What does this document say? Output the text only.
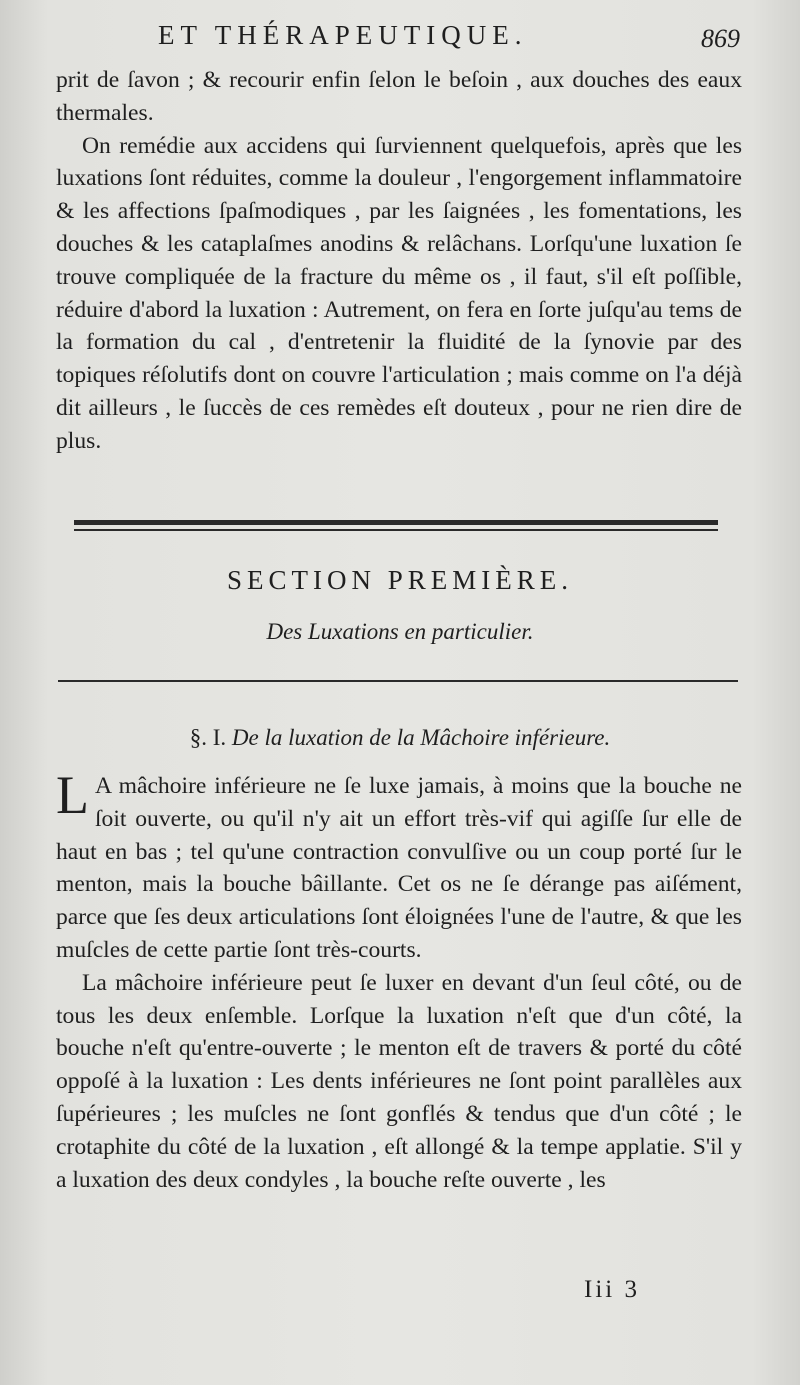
ET THÉRAPEUTIQUE.	869

prit de ſavon ; & recourir enfin ſelon le beſoin , aux douches des eaux thermales.

On remédie aux accidens qui ſurviennent quelquefois, après que les luxations ſont réduites, comme la douleur , l'engorgement inflammatoire & les affections ſpaſmodiques , par les ſaignées , les fomentations, les douches & les cataplaſmes anodins & relâchans. Lorſqu'une luxation ſe trouve compliquée de la fracture du même os , il faut, s'il eſt poſſible, réduire d'abord la luxation : Autrement, on fera en ſorte juſqu'au tems de la formation du cal , d'entretenir la fluidité de la ſynovie par des topiques réſolutifs dont on couvre l'articulation ; mais comme on l'a déjà dit ailleurs , le ſuccès de ces remèdes eſt douteux , pour ne rien dire de plus.

SECTION PREMIÈRE.
Des Luxations en particulier.
§. I. De la luxation de la Mâchoire inférieure.

L A mâchoire inférieure ne ſe luxe jamais, à moins que la bouche ne ſoit ouverte, ou qu'il n'y ait un effort très-vif qui agiſſe ſur elle de haut en bas ; tel qu'une contraction convulſive ou un coup porté ſur le menton, mais la bouche bâillante. Cet os ne ſe dérange pas aiſément, parce que ſes deux articulations ſont éloignées l'une de l'autre, & que les muſcles de cette partie ſont très-courts.

La mâchoire inférieure peut ſe luxer en devant d'un ſeul côté, ou de tous les deux enſemble. Lorſque la luxation n'eſt que d'un côté, la bouche n'eſt qu'entre-ouverte ; le menton eſt de travers & porté du côté oppoſé à la luxation : Les dents inférieures ne ſont point parallèles aux ſupérieures ; les muſcles ne ſont gonflés & tendus que d'un côté ; le crotaphite du côté de la luxation , eſt allongé & la tempe applatie. S'il y a luxation des deux condyles , la bouche reſte ouverte , les

Iii 3
